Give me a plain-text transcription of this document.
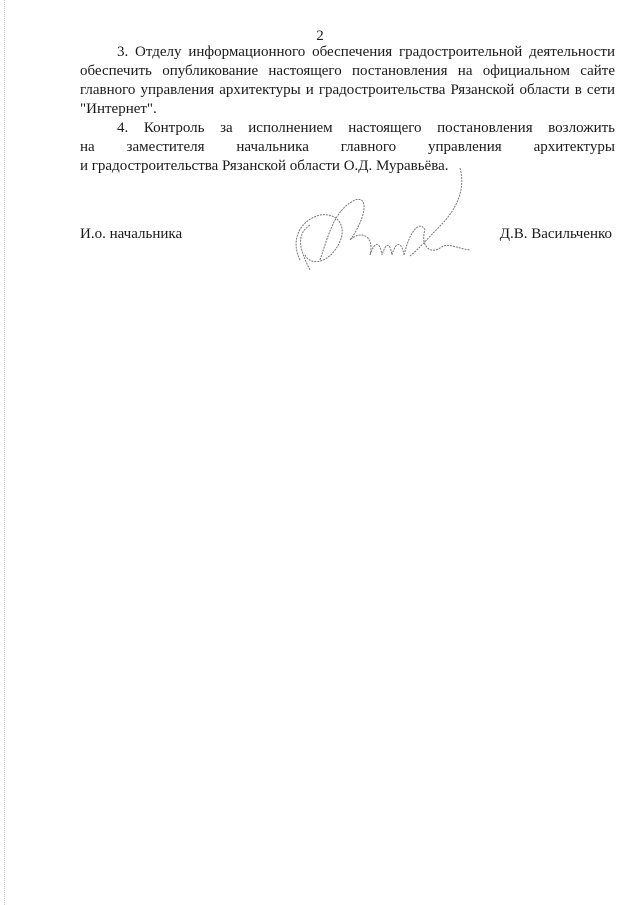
2
3. Отделу информационного обеспечения градостроительной деятельности
обеспечить опубликование настоящего постановления на официальном сайте
главного управления архитектуры и градостроительства Рязанской области в сети
"Интернет".
4. Контроль за исполнением настоящего постановления возложить
на заместителя начальника главного управления архитектуры
и градостроительства Рязанской области О.Д. Муравьёва.
И.о. начальника	Д.В. Васильченко
